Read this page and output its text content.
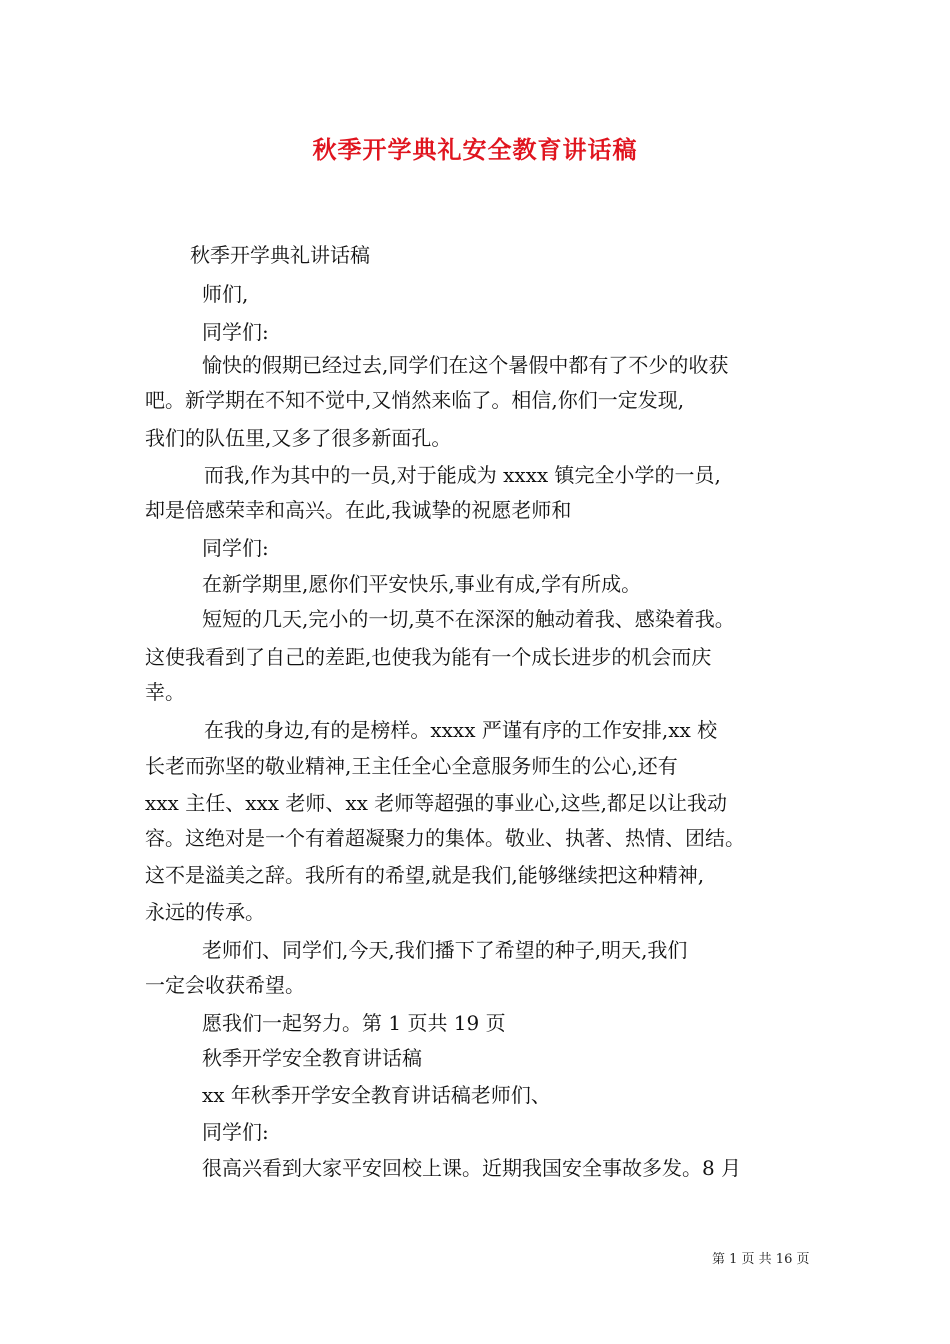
秋季开学典礼安全教育讲话稿
秋季开学典礼讲话稿
师们,
同学们:
愉快的假期已经过去,同学们在这个暑假中都有了不少的收获
吧。新学期在不知不觉中,又悄然来临了。相信,你们一定发现,
我们的队伍里,又多了很多新面孔。
而我,作为其中的一员,对于能成为 xxxx 镇完全小学的一员,
却是倍感荣幸和高兴。在此,我诚挚的祝愿老师和
同学们:
在新学期里,愿你们平安快乐,事业有成,学有所成。
短短的几天,完小的一切,莫不在深深的触动着我、感染着我。
这使我看到了自己的差距,也使我为能有一个成长进步的机会而庆
幸。
在我的身边,有的是榜样。xxxx 严谨有序的工作安排,xx 校
长老而弥坚的敬业精神,王主任全心全意服务师生的公心,还有
xxx 主任、xxx 老师、xx 老师等超强的事业心,这些,都足以让我动
容。这绝对是一个有着超凝聚力的集体。敬业、执著、热情、团结。
这不是溢美之辞。我所有的希望,就是我们,能够继续把这种精神,
永远的传承。
老师们、同学们,今天,我们播下了希望的种子,明天,我们
一定会收获希望。
愿我们一起努力。第 1 页共 19 页
秋季开学安全教育讲话稿
xx 年秋季开学安全教育讲话稿老师们、
同学们:
很高兴看到大家平安回校上课。近期我国安全事故多发。8 月
第 1 页 共 16 页
